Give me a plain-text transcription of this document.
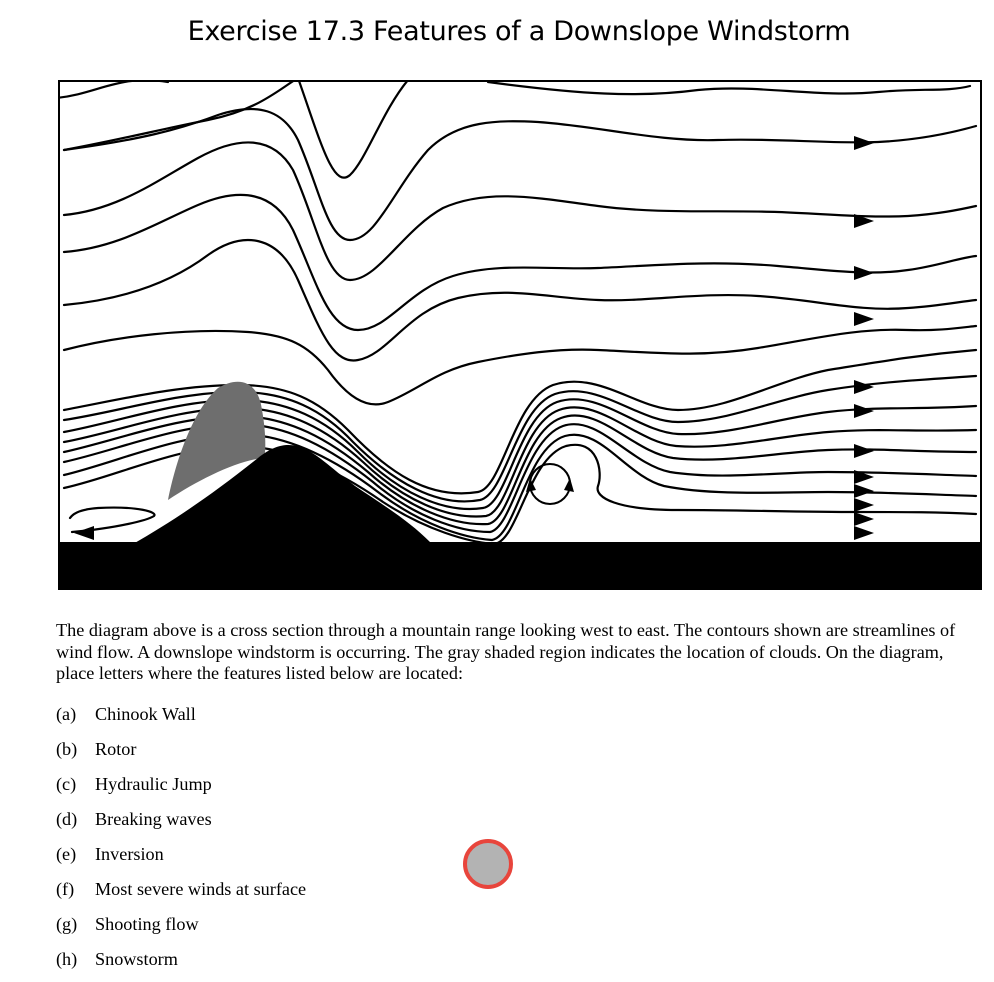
Exercise 17.3 Features of a Downslope Windstorm

The diagram above is a cross section through a mountain range looking west to east. The contours shown are streamlines of wind flow. A downslope windstorm is occurring. The gray shaded region indicates the location of clouds. On the diagram, place letters where the features listed below are located:

(a) Chinook Wall
(b) Rotor
(c) Hydraulic Jump
(d) Breaking waves
(e) Inversion
(f) Most severe winds at surface
(g) Shooting flow
(h) Snowstorm
